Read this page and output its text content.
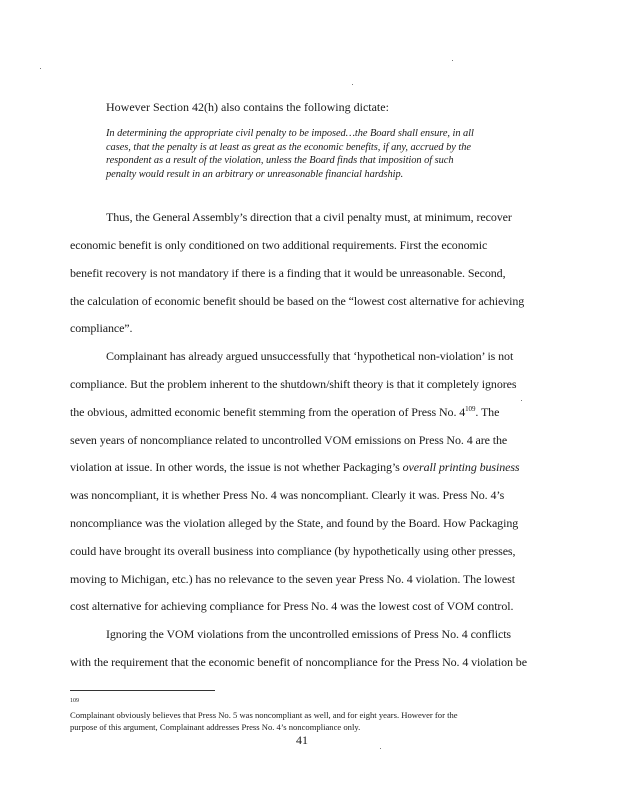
However Section 42(h) also contains the following dictate:
In determining the appropriate civil penalty to be imposed…the Board shall ensure, in all
cases, that the penalty is at least as great as the economic benefits, if any, accrued by the
respondent as a result of the violation, unless the Board finds that imposition of such
penalty would result in an arbitrary or unreasonable financial hardship.
Thus, the General Assembly’s direction that a civil penalty must, at minimum, recover
economic benefit is only conditioned on two additional requirements. First the economic
benefit recovery is not mandatory if there is a finding that it would be unreasonable. Second,
the calculation of economic benefit should be based on the “lowest cost alternative for achieving
compliance”.
Complainant has already argued unsuccessfully that ‘hypothetical non-violation’ is not
compliance. But the problem inherent to the shutdown/shift theory is that it completely ignores
the obvious, admitted economic benefit stemming from the operation of Press No. $4^{109}$. The
seven years of noncompliance related to uncontrolled VOM emissions on Press No. 4 are the
violation at issue. In other words, the issue is not whether Packaging’s overall printing business
was noncompliant, it is whether Press No. 4 was noncompliant. Clearly it was. Press No. 4’s
noncompliance was the violation alleged by the State, and found by the Board. How Packaging
could have brought its overall business into compliance (by hypothetically using other presses,
moving to Michigan, etc.) has no relevance to the seven year Press No. 4 violation. The lowest
cost alternative for achieving compliance for Press No. 4 was the lowest cost of VOM control.
Ignoring the VOM violations from the uncontrolled emissions of Press No. 4 conflicts
with the requirement that the economic benefit of noncompliance for the Press No. 4 violation be
$^{109}$
Complainant obviously believes that Press No. 5 was noncompliant as well, and for eight years. However for the
purpose of this argument, Complainant addresses Press No. 4’s noncompliance only.
41
